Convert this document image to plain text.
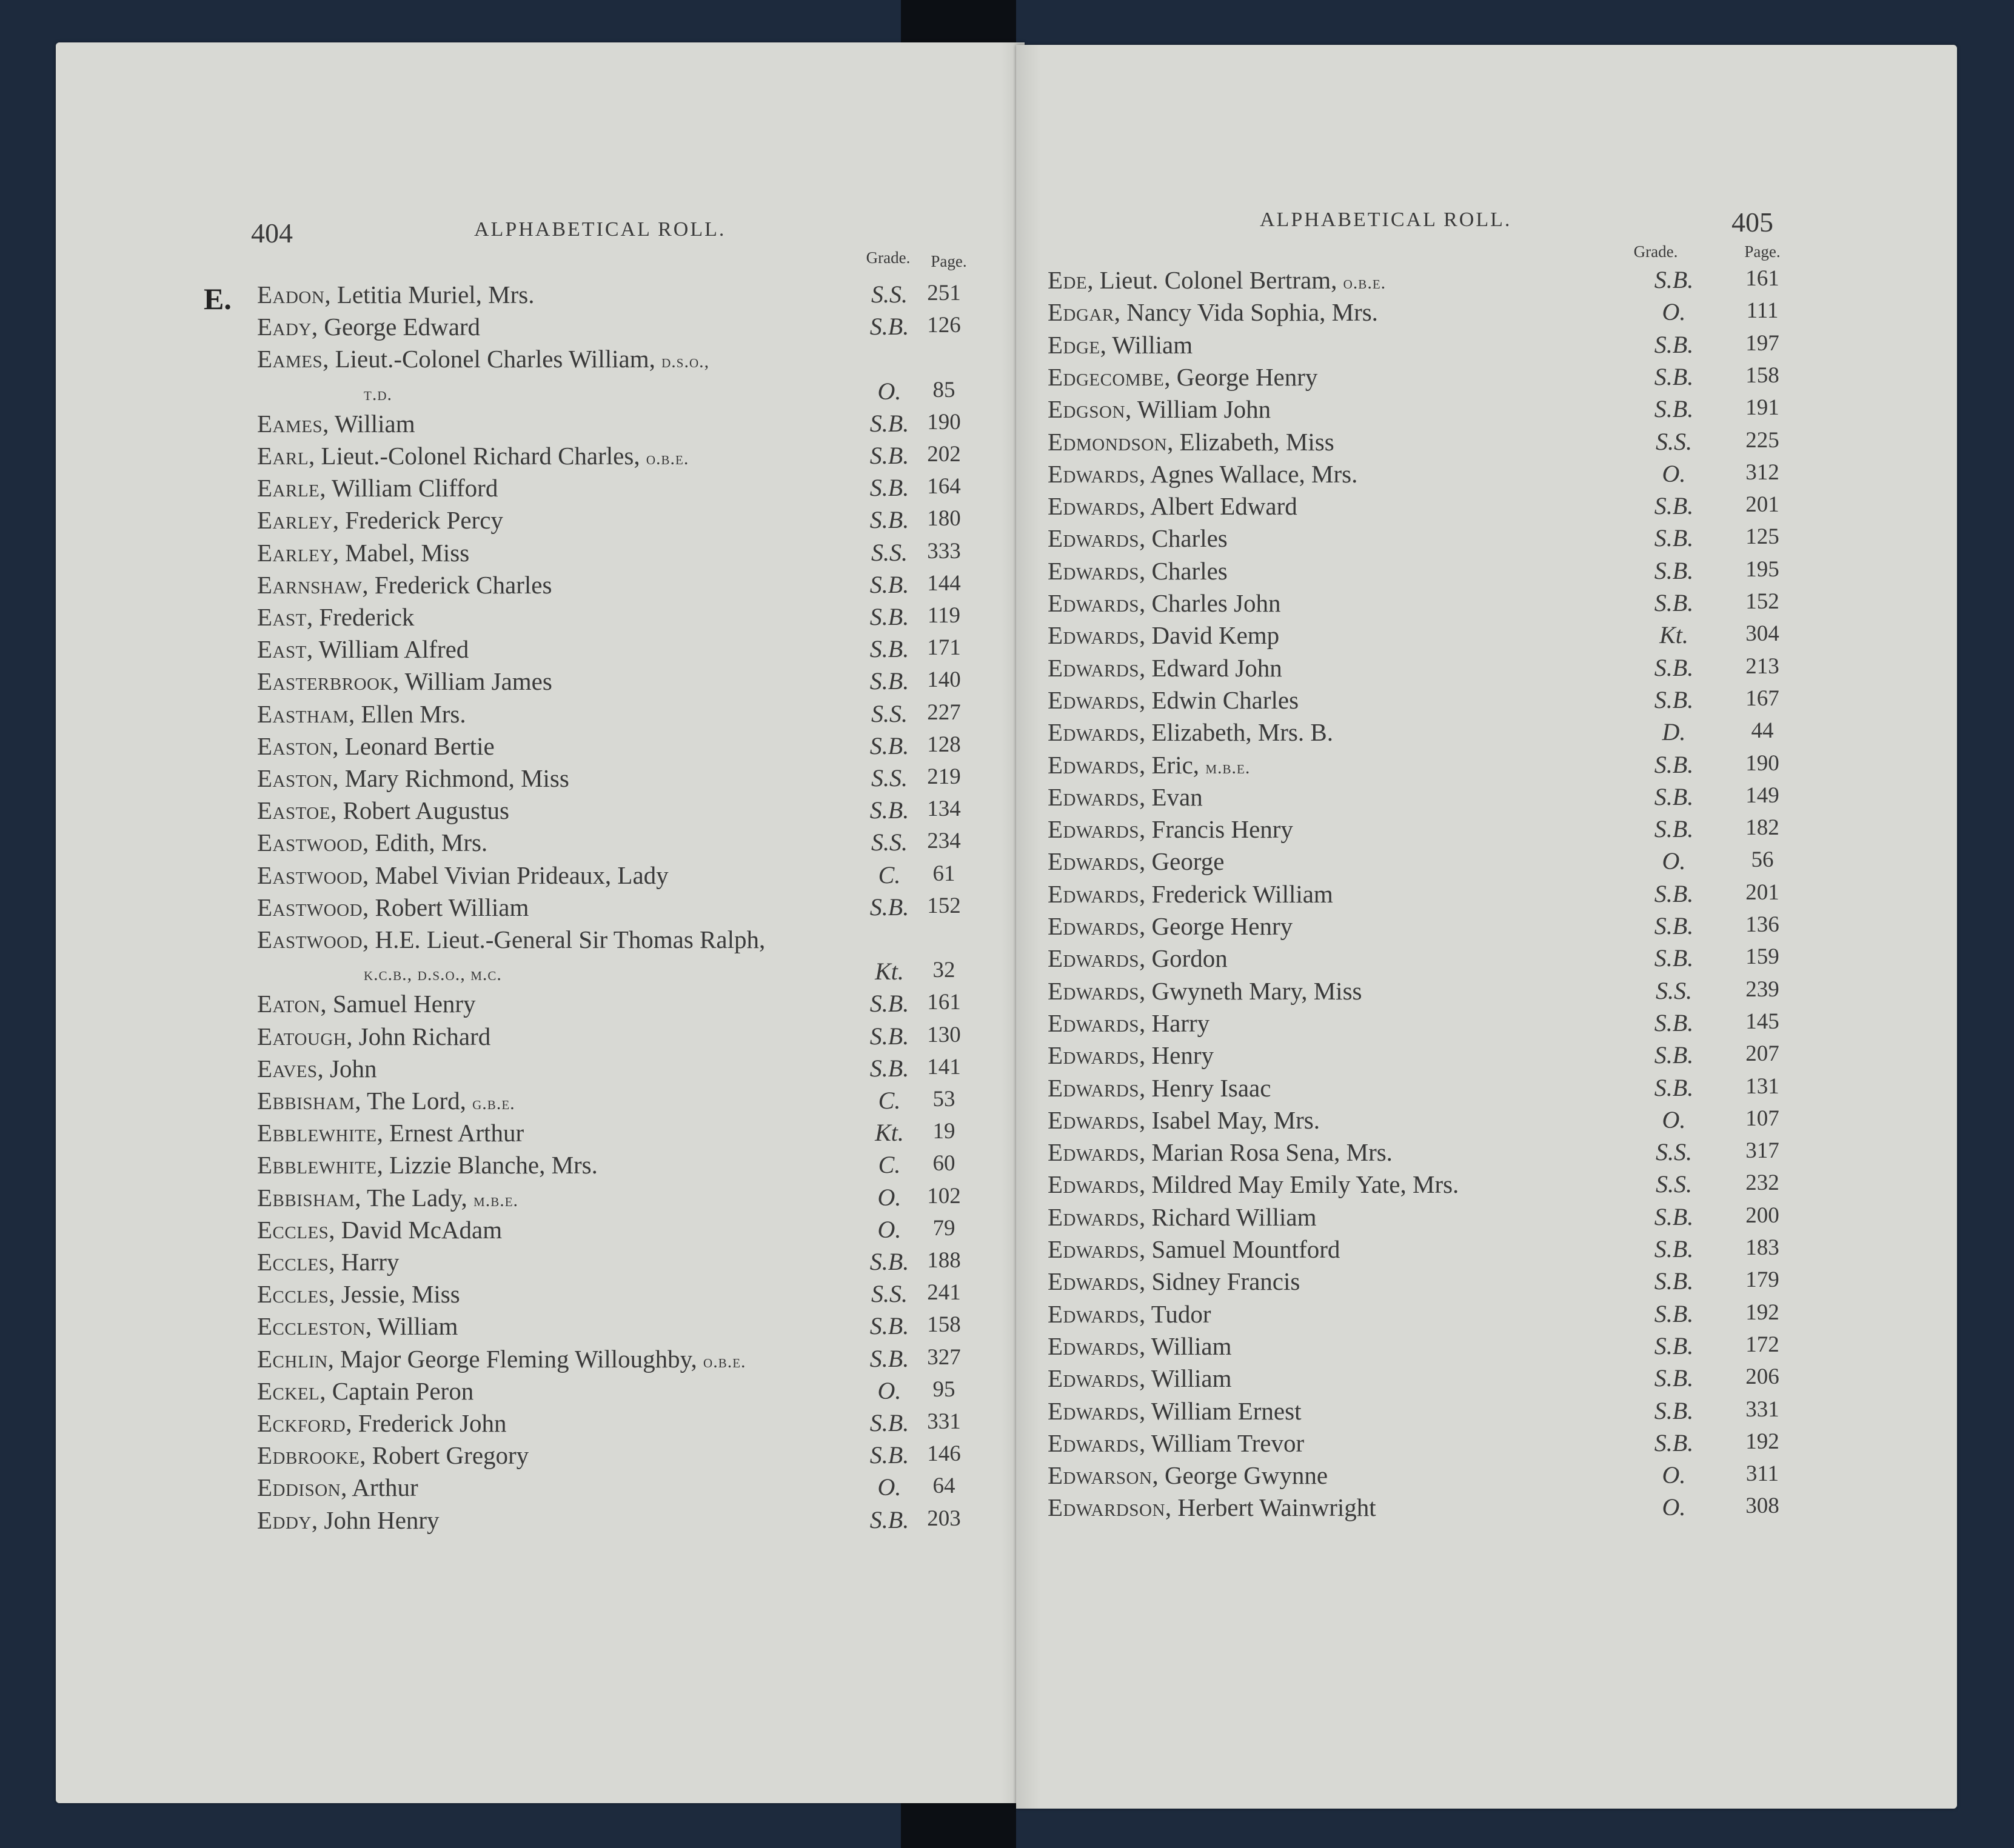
404	ALPHABETICAL ROLL.
Grade.	Page.
E. Eadon, Letitia Muriel, Mrs.	S.S. 251
Eady, George Edward	S.B. 126
Eames, Lieut.-Colonel Charles William, d.s.o.,
t.d.	O.	85
Eames, William	S.B. 190
Earl, Lieut.-Colonel Richard Charles, o.b.e.	S.B. 202
Earle, William Clifford	S.B. 164
Earley, Frederick Percy	S.B. 180
Earley, Mabel, Miss	S.S. 333
Earnshaw, Frederick Charles	S.B. 144
East, Frederick	S.B. 119
East, William Alfred	S.B. 171
Easterbrook, William James	S.B. 140
Eastham, Ellen Mrs.	S.S. 227
Easton, Leonard Bertie	S.B. 128
Easton, Mary Richmond, Miss	S.S. 219
Eastoe, Robert Augustus	S.B. 134
Eastwood, Edith, Mrs.	S.S. 234
Eastwood, Mabel Vivian Prideaux, Lady	C.	61
Eastwood, Robert William	S.B. 152
Eastwood, H.E. Lieut.-General Sir Thomas Ralph,
k.c.b., d.s.o., m.c.	Kt.	32
Eaton, Samuel Henry	S.B. 161
Eatough, John Richard	S.B. 130
Eaves, John	S.B. 141
Ebbisham, The Lord, g.b.e.	C.	53
Ebblewhite, Ernest Arthur	Kt.	19
Ebblewhite, Lizzie Blanche, Mrs.	C.	60
Ebbisham, The Lady, m.b.e.	O.	102
Eccles, David McAdam	O.	79
Eccles, Harry	S.B. 188
Eccles, Jessie, Miss	S.S. 241
Eccleston, William	S.B. 158
Echlin, Major George Fleming Willoughby, o.b.e.	S.B. 327
Eckel, Captain Peron	O.	95
Eckford, Frederick John	S.B. 331
Edbrooke, Robert Gregory	S.B. 146
Eddison, Arthur	O.	64
Eddy, John Henry	S.B. 203
ALPHABETICAL ROLL.	405
Grade.	Page.
Ede, Lieut. Colonel Bertram, o.b.e.	S.B.	161
Edgar, Nancy Vida Sophia, Mrs.	O.	111
Edge, William	S.B.	197
Edgecombe, George Henry	S.B.	158
Edgson, William John	S.B.	191
Edmondson, Elizabeth, Miss	S.S.	225
Edwards, Agnes Wallace, Mrs.	O.	312
Edwards, Albert Edward	S.B.	201
Edwards, Charles	S.B.	125
Edwards, Charles	S.B.	195
Edwards, Charles John	S.B.	152
Edwards, David Kemp	Kt.	304
Edwards, Edward John	S.B.	213
Edwards, Edwin Charles	S.B.	167
Edwards, Elizabeth, Mrs. B.	D.	44
Edwards, Eric, m.b.e.	S.B.	190
Edwards, Evan	S.B.	149
Edwards, Francis Henry	S.B.	182
Edwards, George	O.	56
Edwards, Frederick William	S.B.	201
Edwards, George Henry	S.B.	136
Edwards, Gordon	S.B.	159
Edwards, Gwyneth Mary, Miss	S.S.	239
Edwards, Harry	S.B.	145
Edwards, Henry	S.B.	207
Edwards, Henry Isaac	S.B.	131
Edwards, Isabel May, Mrs.	O.	107
Edwards, Marian Rosa Sena, Mrs.	S.S.	317
Edwards, Mildred May Emily Yate, Mrs.	S.S.	232
Edwards, Richard William	S.B.	200
Edwards, Samuel Mountford	S.B.	183
Edwards, Sidney Francis	S.B.	179
Edwards, Tudor	S.B.	192
Edwards, William	S.B.	172
Edwards, William	S.B.	206
Edwards, William Ernest	S.B.	331
Edwards, William Trevor	S.B.	192
Edwarson, George Gwynne	O.	311
Edwardson, Herbert Wainwright	O.	308
